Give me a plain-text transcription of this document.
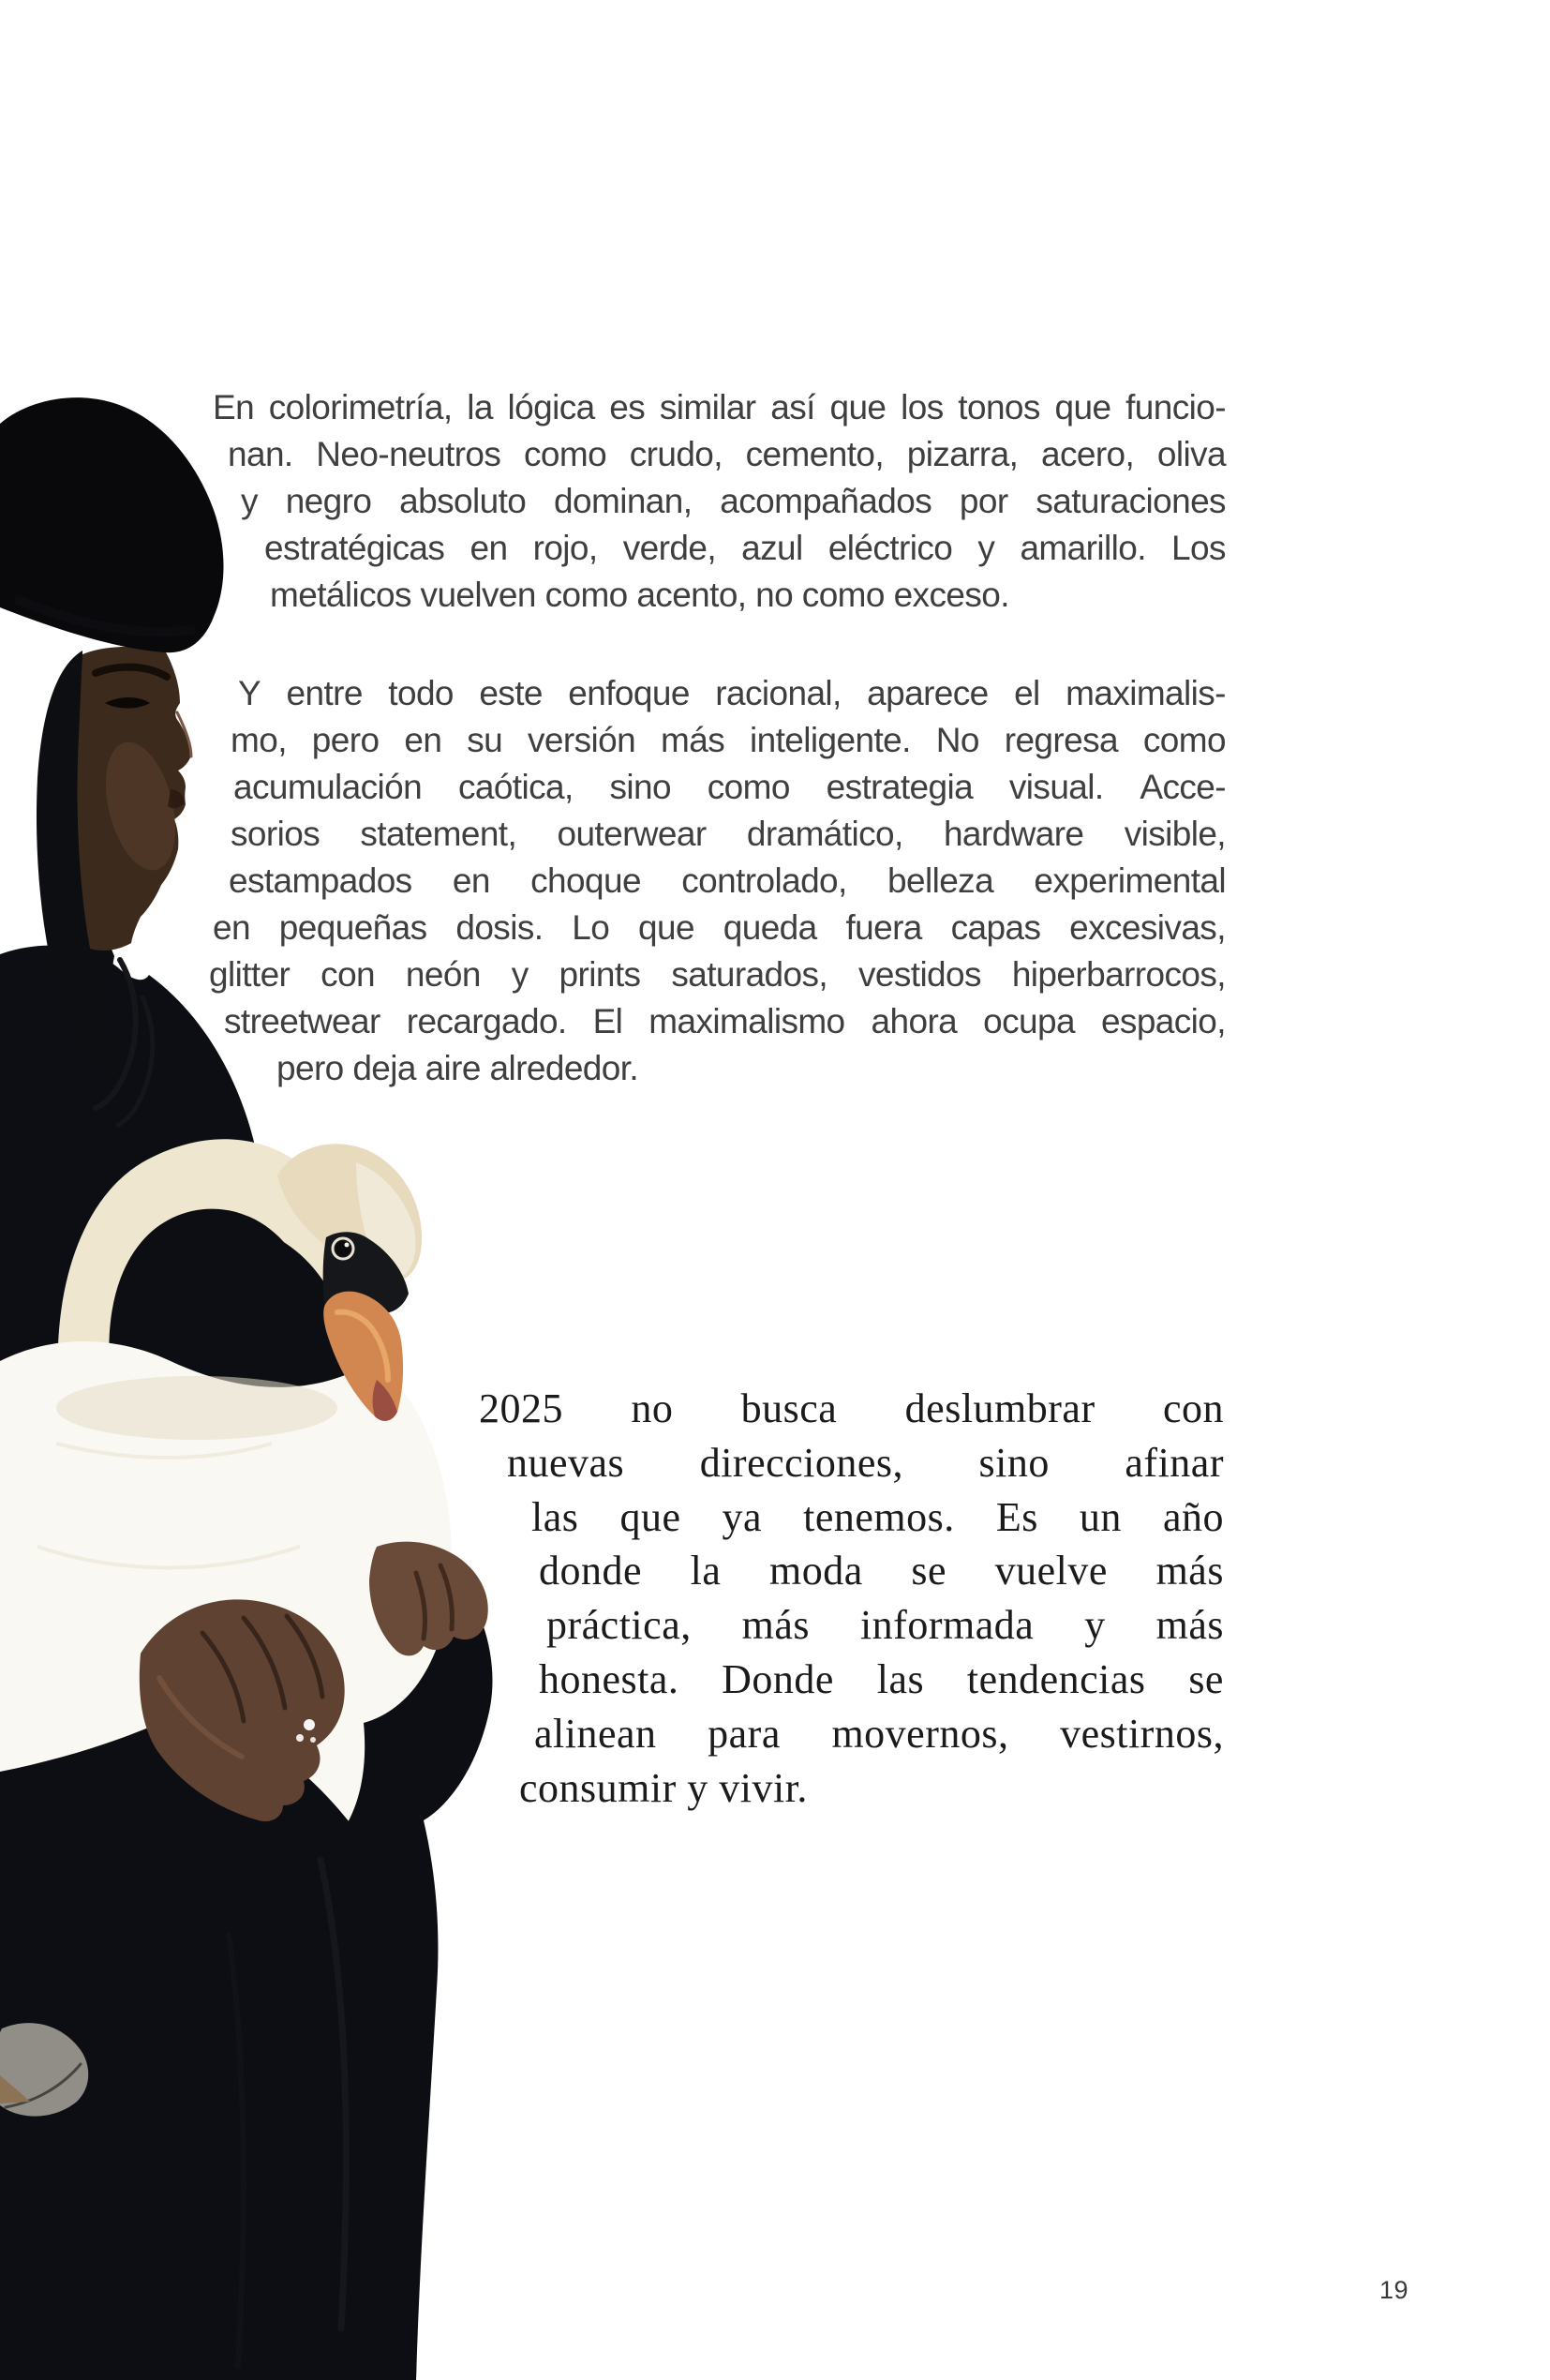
En colorimetría, la lógica es similar así que los tonos que funcio-
nan. Neo-neutros como crudo, cemento, pizarra, acero, oliva
y negro absoluto dominan, acompañados por saturaciones
estratégicas en rojo, verde, azul eléctrico y amarillo. Los
metálicos vuelven como acento, no como exceso.
Y entre todo este enfoque racional, aparece el maximalis-
mo, pero en su versión más inteligente. No regresa como
acumulación caótica, sino como estrategia visual. Acce-
sorios statement, outerwear dramático, hardware visible,
estampados en choque controlado, belleza experimental
en pequeñas dosis. Lo que queda fuera capas excesivas,
glitter con neón y prints saturados, vestidos hiperbarrocos,
streetwear recargado. El maximalismo ahora ocupa espacio,
pero deja aire alrededor.
2025 no busca deslumbrar con
nuevas direcciones, sino afinar
las que ya tenemos. Es un año
donde la moda se vuelve más
práctica, más informada y más
honesta. Donde las tendencias se
alinean para movernos, vestirnos,
consumir y vivir.
19
